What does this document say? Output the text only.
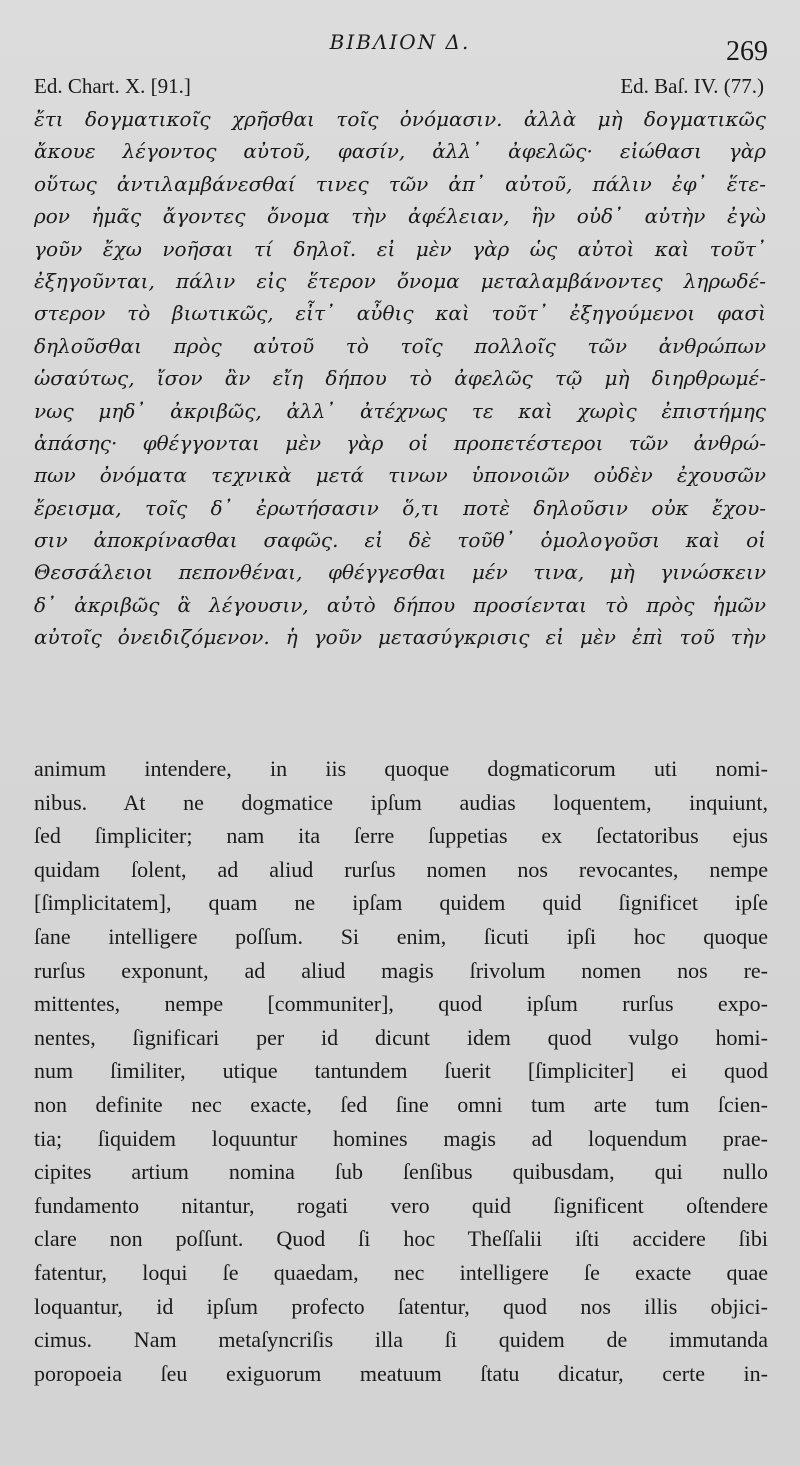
ΒΙΒΛΙΟΝ Δ.	269
Ed. Chart. X. [91.]	Ed. Baſ. IV. (77.)
ἔτι δογματικοῖς χρῆσθαι τοῖς ὀνόμασιν. ἀλλὰ μὴ δογματικῶς
ἄκουε λέγοντος αὐτοῦ, φασίν, ἀλλ᾽ ἀφελῶς· εἰώθασι γὰρ
οὕτως ἀντιλαμβάνεσθαί τινες τῶν ἀπ᾽ αὐτοῦ, πάλιν ἐφ᾽ ἕτε-
ρον ἡμᾶς ἄγοντες ὄνομα τὴν ἀφέλειαν, ἣν οὐδ᾽ αὐτὴν ἐγὼ
γοῦν ἔχω νοῆσαι τί δηλοῖ. εἰ μὲν γὰρ ὡς αὐτοὶ καὶ τοῦτ᾽
ἐξηγοῦνται, πάλιν εἰς ἕτερον ὄνομα μεταλαμβάνοντες ληρωδέ-
στερον τὸ βιωτικῶς, εἶτ᾽ αὖθις καὶ τοῦτ᾽ ἐξηγούμενοι φασὶ
δηλοῦσθαι πρὸς αὐτοῦ τὸ τοῖς πολλοῖς τῶν ἀνθρώπων
ὡσαύτως, ἴσον ἂν εἴη δήπου τὸ ἀφελῶς τῷ μὴ διηρθρωμέ-
νως μηδ᾽ ἀκριβῶς, ἀλλ᾽ ἀτέχνως τε καὶ χωρὶς ἐπιστήμης
ἁπάσης· φθέγγονται μὲν γὰρ οἱ προπετέστεροι τῶν ἀνθρώ-
πων ὀνόματα τεχνικὰ μετά τινων ὑπονοιῶν οὐδὲν ἐχουσῶν
ἔρεισμα, τοῖς δ᾽ ἐρωτήσασιν ὅ,τι ποτὲ δηλοῦσιν οὐκ ἔχου-
σιν ἀποκρίνασθαι σαφῶς. εἰ δὲ τοῦθ᾽ ὁμολογοῦσι καὶ οἱ
Θεσσάλειοι πεπονθέναι, φθέγγεσθαι μέν τινα, μὴ γινώσκειν
δ᾽ ἀκριβῶς ἃ λέγουσιν, αὐτὸ δήπου προσίενται τὸ πρὸς ἡμῶν
αὐτοῖς ὀνειδιζόμενον. ἡ γοῦν μετασύγκρισις εἰ μὲν ἐπὶ τοῦ τὴν
animum intendere, in iis quoque dogmaticorum uti nomi-
nibus. At ne dogmatice ipſum audias loquentem, inquiunt,
ſed ſimpliciter; nam ita ſerre ſuppetias ex ſectatoribus ejus
quidam ſolent, ad aliud rurſus nomen nos revocantes, nempe
[ſimplicitatem], quam ne ipſam quidem quid ſignificet ipſe
ſane intelligere poſſum. Si enim, ſicuti ipſi hoc quoque
rurſus exponunt, ad aliud magis ſrivolum nomen nos re-
mittentes, nempe [communiter], quod ipſum rurſus expo-
nentes, ſignificari per id dicunt idem quod vulgo homi-
num ſimiliter, utique tantundem ſuerit [ſimpliciter] ei quod
non definite nec exacte, ſed ſine omni tum arte tum ſcien-
tia; ſiquidem loquuntur homines magis ad loquendum prae-
cipites artium nomina ſub ſenſibus quibusdam, qui nullo
fundamento nitantur, rogati vero quid ſignificent oſtendere
clare non poſſunt. Quod ſi hoc Theſſalii iſti accidere ſibi
fatentur, loqui ſe quaedam, nec intelligere ſe exacte quae
loquantur, id ipſum profecto ſatentur, quod nos illis objici-
cimus. Nam metaſyncriſis illa ſi quidem de immutanda
poropoeia ſeu exiguorum meatuum ſtatu dicatur, certe in-
